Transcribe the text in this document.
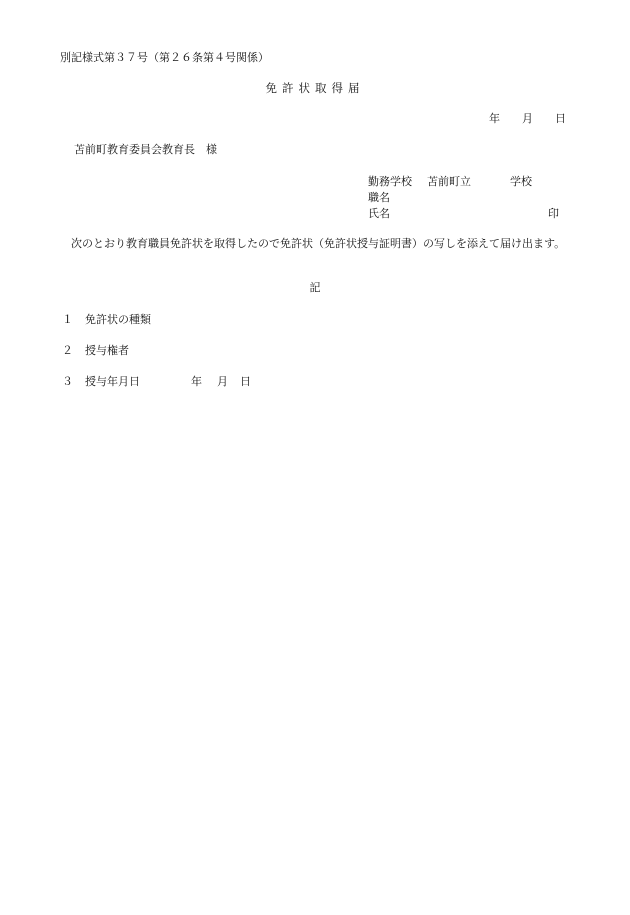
別記様式第３７号（第２６条第４号関係）
免許状取得届
年 月 日
苫前町教育委員会教育長　様
勤務学校 苫前町立	学校
職名
氏名	印
次のとおり教育職員免許状を取得したので免許状（免許状授与証明書）の写しを添えて届け出ます。
記
１ 免許状の種類
２ 授与権者
３ 授与年月日	年 月 日
